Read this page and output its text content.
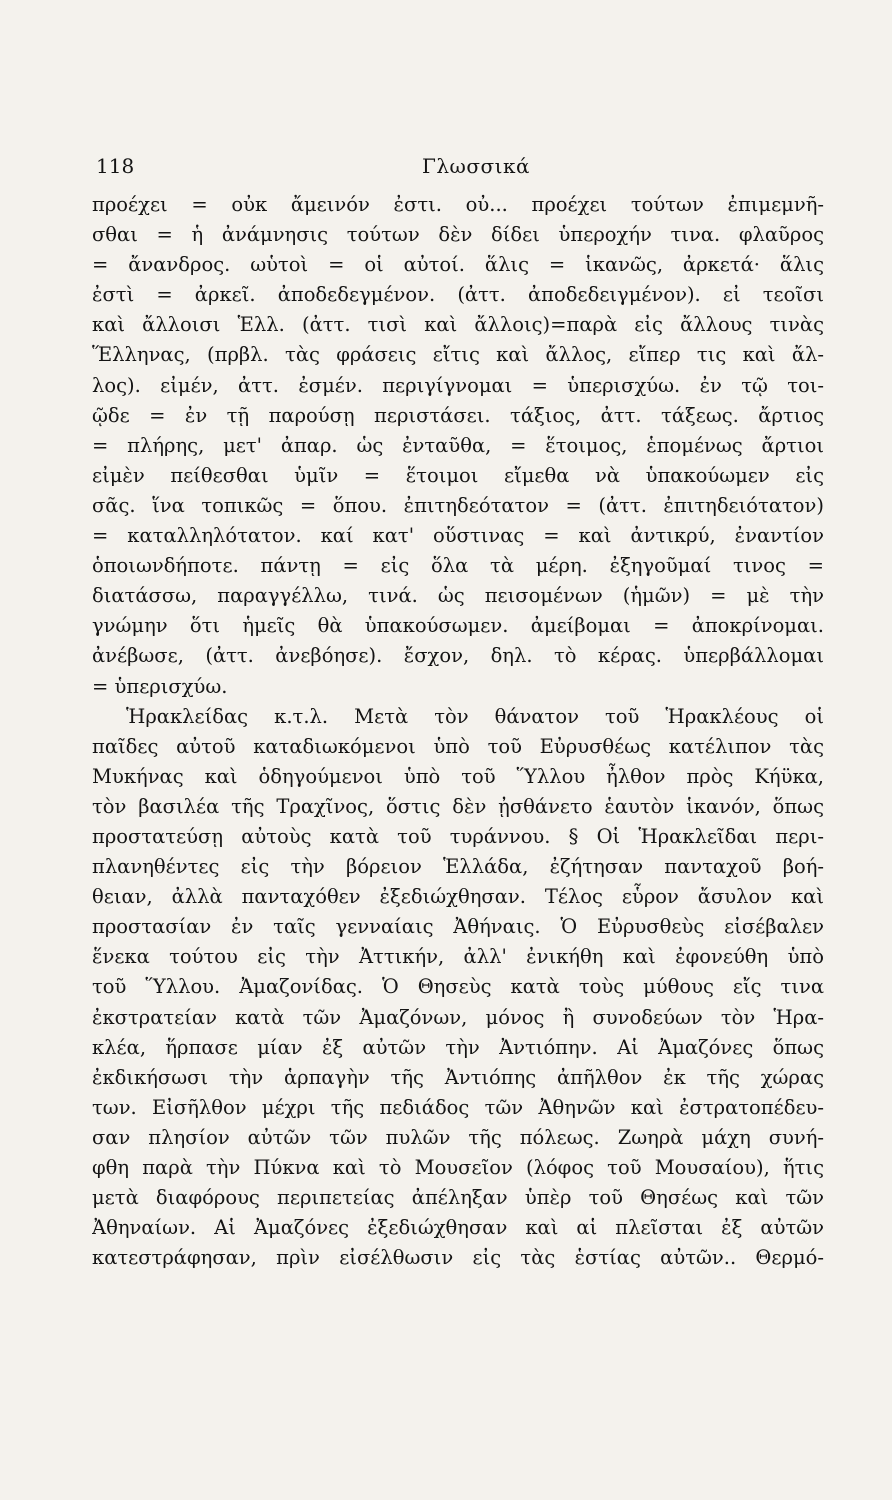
118	Γλωσσικά
προέχει = οὐκ ἄμεινόν ἐστι. οὐ... προέχει τούτων ἐπιμεμνῆ-
σθαι = ἡ ἀνάμνησις τούτων δὲν δίδει ὑπεροχήν τινα. φλαῦρος
= ἄνανδρος. ωὑτοὶ = οἱ αὐτοί. ἅλις = ἱκανῶς, ἀρκετά· ἅλις
ἐστὶ = ἀρκεῖ. ἀποδεδεγμένον. (ἀττ. ἀποδεδειγμένον). εἰ τεοῖσι
καὶ ἄλλοισι Ἑλλ. (ἀττ. τισὶ καὶ ἄλλοις)=παρὰ εἰς ἄλλους τινὰς
Ἕλληνας, (πρβλ. τὰς φράσεις εἴτις καὶ ἄλλος, εἴπερ τις καὶ ἄλ-
λος). εἰμέν, ἀττ. ἐσμέν. περιγίγνομαι = ὑπερισχύω. ἐν τῷ τοι-
ῷδε = ἐν τῇ παρούσῃ περιστάσει. τάξιος, ἀττ. τάξεως. ἄρτιος
= πλήρης, μετ' ἀπαρ. ὡς ἐνταῦθα, = ἕτοιμος, ἑπομένως ἄρτιοι
εἰμὲν πείθεσθαι ὑμῖν = ἕτοιμοι εἴμεθα νὰ ὑπακούωμεν εἰς
σᾶς. ἵνα τοπικῶς = ὅπου. ἐπιτηδεότατον = (ἀττ. ἐπιτηδειότατον)
= καταλληλότατον. καί κατ' οὕστινας = καὶ ἀντικρύ, ἐναντίον
ὁποιωνδήποτε. πάντῃ = εἰς ὅλα τὰ μέρη. ἐξηγοῦμαί τινος =
διατάσσω, παραγγέλλω, τινά. ὡς πεισομένων (ἡμῶν) = μὲ τὴν
γνώμην ὅτι ἡμεῖς θὰ ὑπακούσωμεν. ἀμείβομαι = ἀποκρίνομαι.
ἀνέβωσε, (ἀττ. ἀνεβόησε). ἔσχον, δηλ. τὸ κέρας. ὑπερβάλλομαι
= ὑπερισχύω.
Ἡρακλείδας κ.τ.λ. Μετὰ τὸν θάνατον τοῦ Ἡρακλέους οἱ
παῖδες αὐτοῦ καταδιωκόμενοι ὑπὸ τοῦ Εὐρυσθέως κατέλιπον τὰς
Μυκήνας καὶ ὁδηγούμενοι ὑπὸ τοῦ Ὕλλου ἦλθον πρὸς Κήϋκα,
τὸν βασιλέα τῆς Τραχῖνος, ὅστις δὲν ᾐσθάνετο ἑαυτὸν ἱκανόν, ὅπως
προστατεύσῃ αὐτοὺς κατὰ τοῦ τυράννου. § Οἱ Ἡρακλεῖδαι περι-
πλανηθέντες εἰς τὴν βόρειον Ἑλλάδα, ἐζήτησαν πανταχοῦ βοή-
θειαν, ἀλλὰ πανταχόθεν ἐξεδιώχθησαν. Τέλος εὗρον ἄσυλον καὶ
προστασίαν ἐν ταῖς γενναίαις Ἀθήναις. Ὁ Εὐρυσθεὺς εἰσέβαλεν
ἕνεκα τούτου εἰς τὴν Ἀττικήν, ἀλλ' ἐνικήθη καὶ ἐφονεύθη ὑπὸ
τοῦ Ὕλλου. Ἀμαζονίδας. Ὁ Θησεὺς κατὰ τοὺς μύθους εἴς τινα
ἐκστρατείαν κατὰ τῶν Ἀμαζόνων, μόνος ἢ συνοδεύων τὸν Ἡρα-
κλέα, ἥρπασε μίαν ἐξ αὐτῶν τὴν Ἀντιόπην. Αἱ Ἀμαζόνες ὅπως
ἐκδικήσωσι τὴν ἁρπαγὴν τῆς Ἀντιόπης ἀπῆλθον ἐκ τῆς χώρας
των. Εἰσῆλθον μέχρι τῆς πεδιάδος τῶν Ἀθηνῶν καὶ ἐστρατοπέδευ-
σαν πλησίον αὐτῶν τῶν πυλῶν τῆς πόλεως. Ζωηρὰ μάχη συνή-
φθη παρὰ τὴν Πύκνα καὶ τὸ Μουσεῖον (λόφος τοῦ Μουσαίου), ἥτις
μετὰ διαφόρους περιπετείας ἀπέληξαν ὑπὲρ τοῦ Θησέως καὶ τῶν
Ἀθηναίων. Αἱ Ἀμαζόνες ἐξεδιώχθησαν καὶ αἱ πλεῖσται ἐξ αὐτῶν
κατεστράφησαν, πρὶν εἰσέλθωσιν εἰς τὰς ἑστίας αὐτῶν.. Θερμό-
